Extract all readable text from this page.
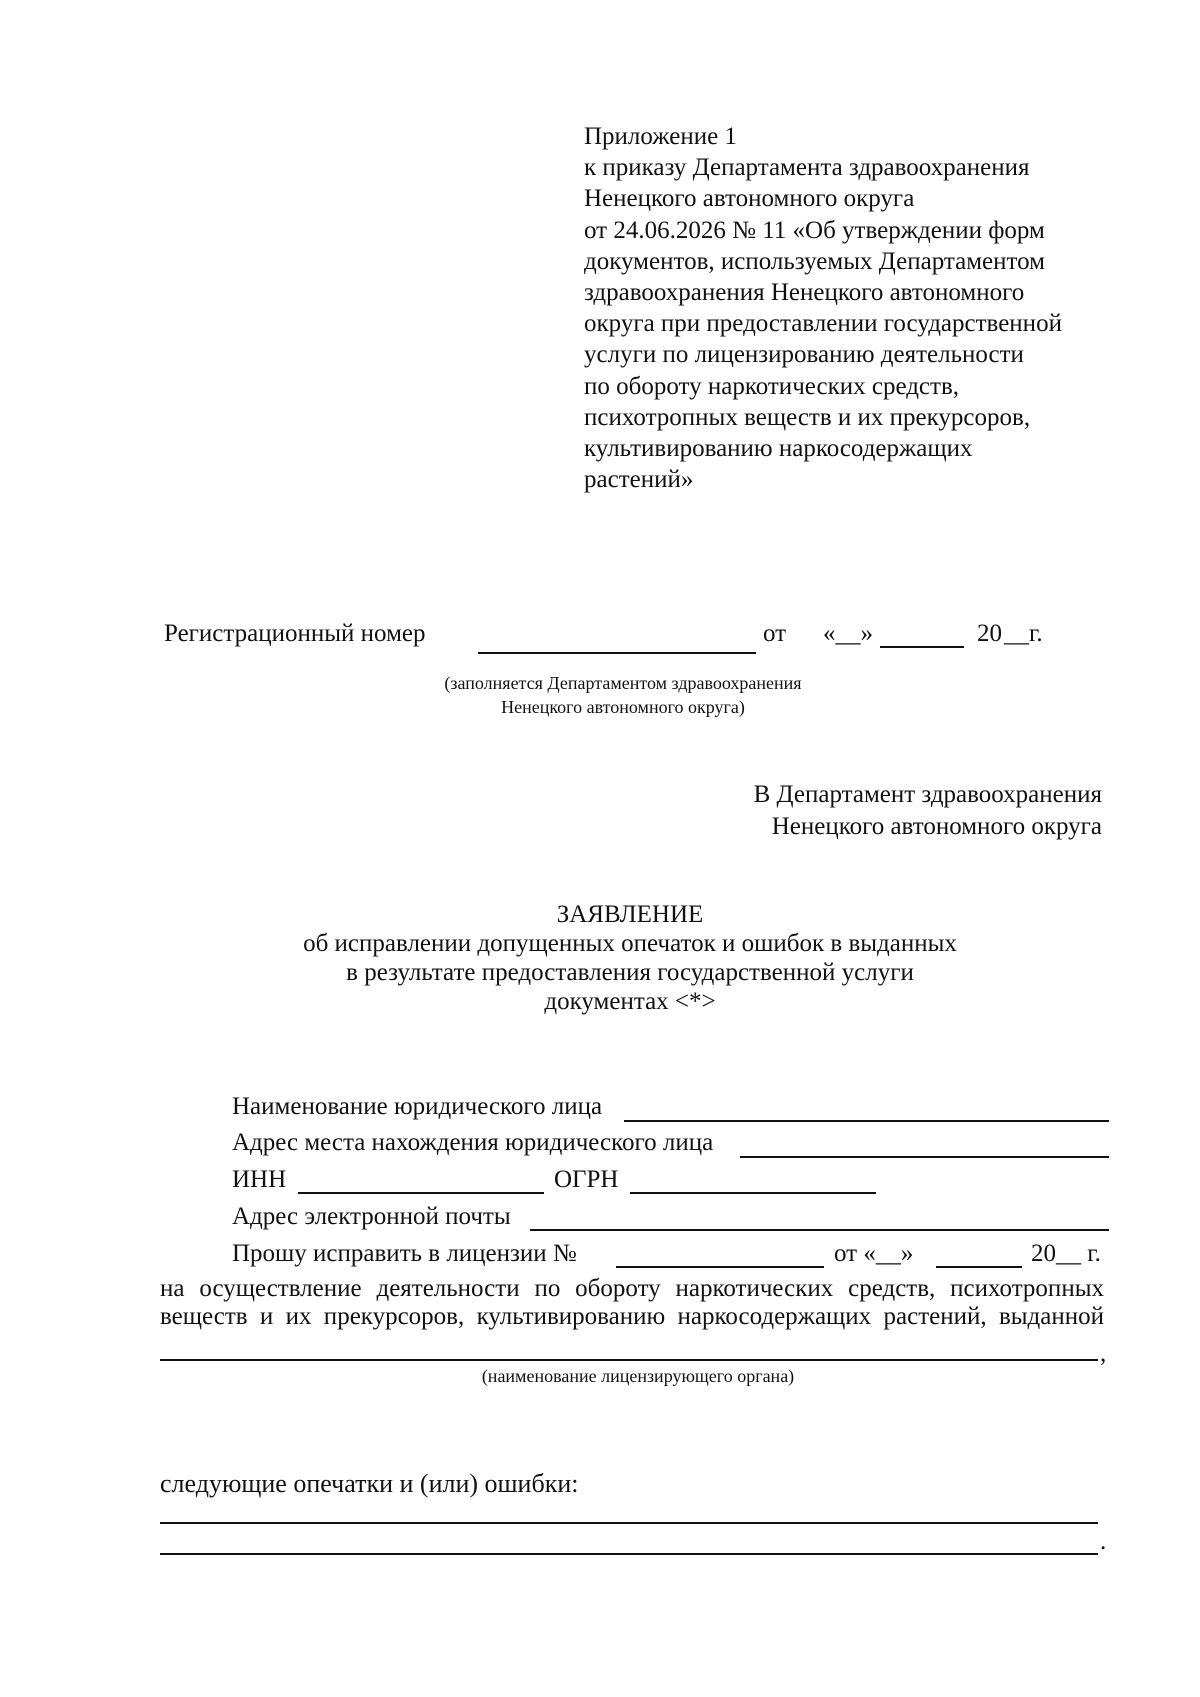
Приложение 1
к приказу Департамента здравоохранения
Ненецкого автономного округа
от 24.06.2026 № 11 «Об утверждении форм
документов, используемых Департаментом
здравоохранения Ненецкого автономного
округа при предоставлении государственной
услуги по лицензированию деятельности
по обороту наркотических средств,
психотропных веществ и их прекурсоров,
культивированию наркосодержащих
растений»
Регистрационный номер	от «__»	20 __г.
(заполняется Департаментом здравоохранения
Ненецкого автономного округа)
В Департамент здравоохранения
Ненецкого автономного округа
ЗАЯВЛЕНИЕ
об исправлении допущенных опечаток и ошибок в выданных
в результате предоставления государственной услуги
документах <*>
Наименование юридического лица
Адрес места нахождения юридического лица
ИНН	ОГРН
Адрес электронной почты
Прошу исправить в лицензии №	от «__»	20__ г.
на осуществление деятельности по обороту наркотических средств, психотропных
веществ и их прекурсоров, культивированию наркосодержащих растений, выданной
,
(наименование лицензирующего органа)
следующие опечатки и (или) ошибки:
.
